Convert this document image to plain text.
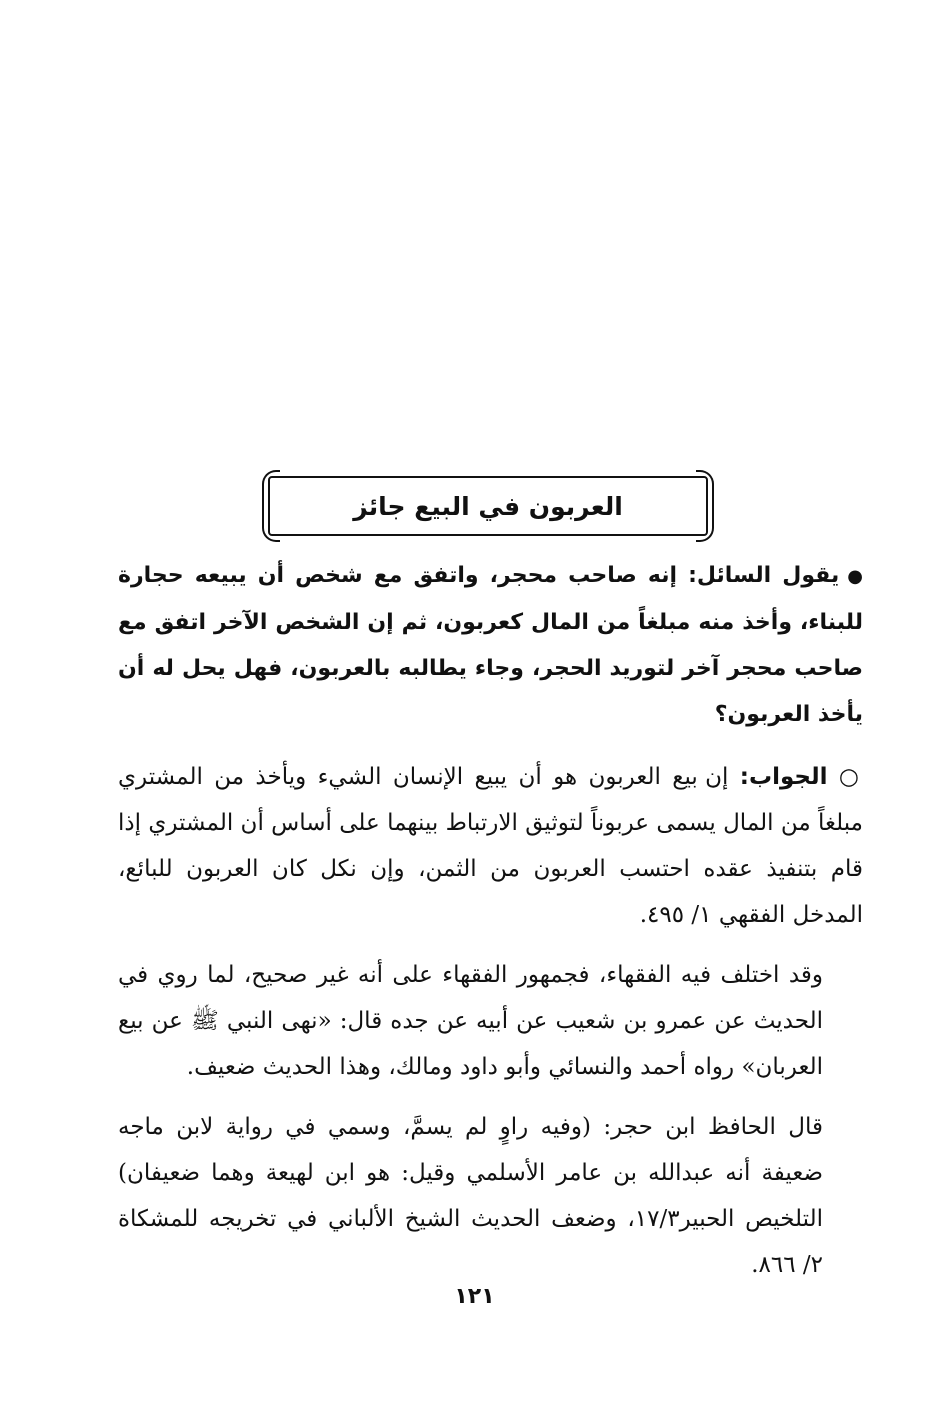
العربون في البيع جائز

●يقول السائل: إنه صاحب محجر، واتفق مع شخص أن يبيعه حجارة للبناء، وأخذ منه مبلغاً من المال كعربون، ثم إن الشخص الآخر اتفق مع صاحب محجر آخر لتوريد الحجر، وجاء يطالبه بالعربون، فهل يحل له أن يأخذ العربون؟

○ الجواب: إن بيع العربون هو أن يبيع الإنسان الشيء ويأخذ من المشتري مبلغاً من المال يسمى عربوناً لتوثيق الارتباط بينهما على أساس أن المشتري إذا قام بتنفيذ عقده احتسب العربون من الثمن، وإن نكل كان العربون للبائع، المدخل الفقهي ١/ ٤٩٥.

وقد اختلف فيه الفقهاء، فجمهور الفقهاء على أنه غير صحيح، لما روي في الحديث عن عمرو بن شعيب عن أبيه عن جده قال: «نهى النبي ﷺ عن بيع العربان» رواه أحمد والنسائي وأبو داود ومالك، وهذا الحديث ضعيف.

قال الحافظ ابن حجر: (وفيه راوٍ لم يسمَّ، وسمي في رواية لابن ماجه ضعيفة أنه عبدالله بن عامر الأسلمي وقيل: هو ابن لهيعة وهما ضعيفان) التلخيص الحبير١٧/٣، وضعف الحديث الشيخ الألباني في تخريجه للمشكاة ٢/ ٨٦٦.

١٢١
